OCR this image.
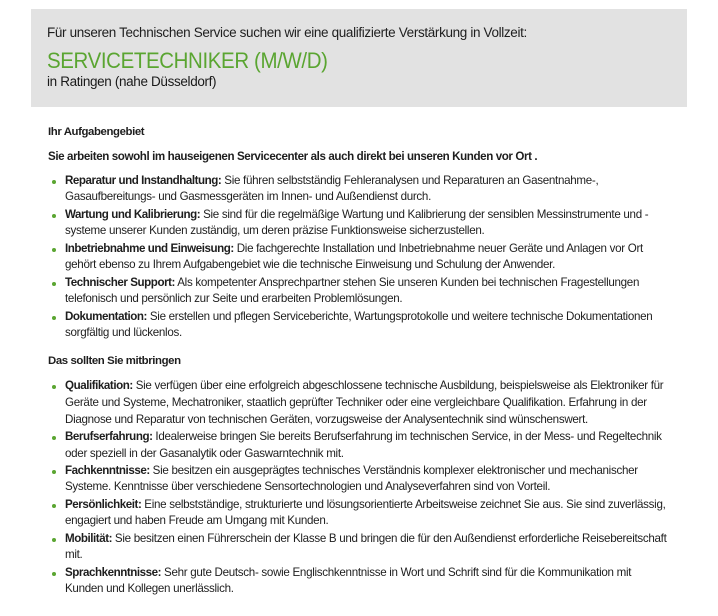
Für unseren Technischen Service suchen wir eine qualifizierte Verstärkung in Vollzeit:
SERVICETECHNIKER (M/W/D)
in Ratingen (nahe Düsseldorf)

Ihr Aufgabengebiet

Sie arbeiten sowohl im hauseigenen Servicecenter als auch direkt bei unseren Kunden vor Ort .

Reparatur und Instandhaltung: Sie führen selbstständig Fehleranalysen und Reparaturen an Gasentnahme-, Gasaufbereitungs- und Gasmessgeräten im Innen- und Außendienst durch.
Wartung und Kalibrierung: Sie sind für die regelmäßige Wartung und Kalibrierung der sensiblen Messinstrumente und -systeme unserer Kunden zuständig, um deren präzise Funktionsweise sicherzustellen.
Inbetriebnahme und Einweisung: Die fachgerechte Installation und Inbetriebnahme neuer Geräte und Anlagen vor Ort gehört ebenso zu Ihrem Aufgabengebiet wie die technische Einweisung und Schulung der Anwender.
Technischer Support: Als kompetenter Ansprechpartner stehen Sie unseren Kunden bei technischen Fragestellungen telefonisch und persönlich zur Seite und erarbeiten Problemlösungen.
Dokumentation: Sie erstellen und pflegen Serviceberichte, Wartungsprotokolle und weitere technische Dokumentationen sorgfältig und lückenlos.

Das sollten Sie mitbringen

Qualifikation: Sie verfügen über eine erfolgreich abgeschlossene technische Ausbildung, beispielsweise als Elektroniker für Geräte und Systeme, Mechatroniker, staatlich geprüfter Techniker oder eine vergleichbare Qualifikation. Erfahrung in der Diagnose und Reparatur von technischen Geräten, vorzugsweise der Analysentechnik sind wünschenswert.
Berufserfahrung: Idealerweise bringen Sie bereits Berufserfahrung im technischen Service, in der Mess- und Regeltechnik oder speziell in der Gasanalytik oder Gaswarntechnik mit.
Fachkenntnisse: Sie besitzen ein ausgeprägtes technisches Verständnis komplexer elektronischer und mechanischer Systeme. Kenntnisse über verschiedene Sensortechnologien und Analyseverfahren sind von Vorteil.
Persönlichkeit: Eine selbstständige, strukturierte und lösungsorientierte Arbeitsweise zeichnet Sie aus. Sie sind zuverlässig, engagiert und haben Freude am Umgang mit Kunden.
Mobilität: Sie besitzen einen Führerschein der Klasse B und bringen die für den Außendienst erforderliche Reisebereitschaft mit.
Sprachkenntnisse: Sehr gute Deutsch- sowie Englischkenntnisse in Wort und Schrift sind für die Kommunikation mit Kunden und Kollegen unerlässlich.
